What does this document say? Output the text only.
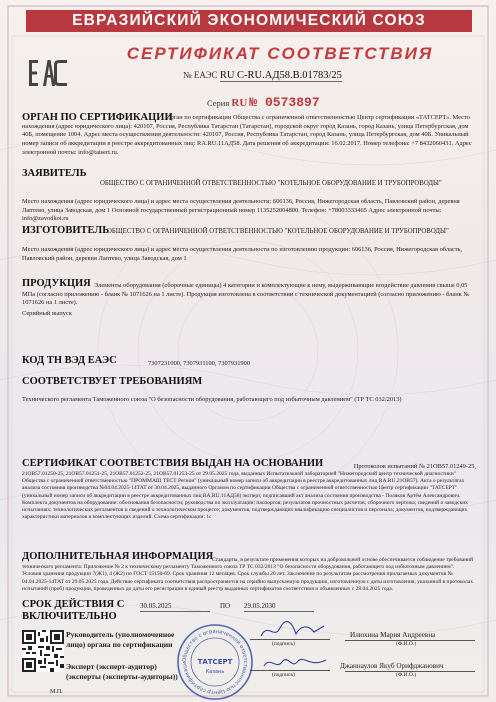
ЕВРАЗИЙСКИЙ ЭКОНОМИЧЕСКИЙ СОЮЗ
СЕРТИФИКАТ СООТВЕТСТВИЯ
№ ЕАЭС RU С-RU.АД58.В.01783/25
Серия RU № 0573897
ОРГАН ПО СЕРТИФИКАЦИИ
Орган по сертификации Общества с ограниченной ответственностью Центр сертификации «ТАТСЕРТ». Место нахождения (адрес юридического лица): 420107, Россия, Республика Татарстан (Татарстан), городской округ город Казань, город Казань, улица Петербургская, дом 40Б, помещение 1004. Адрес места осуществления деятельности: 420107, Россия, Республика Татарстан, город Казань, улица Петербургская, дом 40Б. Уникальный номер записи об аккредитации в реестре аккредитованных лиц: RA.RU.11АД58. Дата решения об аккредитации: 16.02.2017. Номер телефона: +7 8432060431. Адрес электронной почты: info@tatsert.ru.
ЗАЯВИТЕЛЬ
ОБЩЕСТВО С ОГРАНИЧЕННОЙ ОТВЕТСТВЕННОСТЬЮ "КОТЕЛЬНОЕ ОБОРУДОВАНИЕ И ТРУБОПРОВОДЫ"
Место нахождения (адрес юридического лица) и адрес места осуществления деятельности: 606136, Россия, Нижегородская область, Павловский район, деревня Лаптево, улица Заводская, дом 1 Основной государственный регистрационный номер 1135252004800. Телефон: +78003333465 Адрес электронной почты: info@zavodkot.ru
ИЗГОТОВИТЕЛЬ
ОБЩЕСТВО С ОГРАНИЧЕННОЙ ОТВЕТСТВЕННОСТЬЮ "КОТЕЛЬНОЕ ОБОРУДОВАНИЕ И ТРУБОПРОВОДЫ"
Место нахождения (адрес юридического лица) и адрес места осуществления деятельности по изготовлению продукции: 606136, Россия, Нижегородская область, Павловский район, деревня Лаптево, улица Заводская, дом 1
ПРОДУКЦИЯ Элементы оборудования (сборочные единицы) 4 категории и комплектующие к нему, выдерживающие воздействие давления свыше 0,05 МПа (согласно приложению - бланк № 1071626 на 1 листе). Продукция изготовлена в соответствии с технической документацией (согласно приложению - бланк № 1071626 на 1 листе).
Серийный выпуск
КОД ТН ВЭД ЕАЭС	7307231000, 7307931100, 7307931900
СООТВЕТСТВУЕТ ТРЕБОВАНИЯМ
Технического регламента Таможенного союза "О безопасности оборудования, работающего под избыточным давлением" (ТР ТС 032/2013)
СЕРТИФИКАТ СООТВЕТСТВИЯ ВЫДАН НА ОСНОВАНИИ	Протоколов испытаний № 21ОВ57.01249-25,
21ОВ57.01250-25, 21ОВ57.01251-25, 21ОВ57.01252-25, 21ОВ57.01253-25 от 29.05.2025 года, выданных Испытательной лабораторией "Нижегородский центр технической диагностики" Общества с ограниченной ответственностью "ПРОММАШ ТЕСТ Регион" (уникальный номер записи об аккредитации в реестре аккредитованных лиц RA.RU.21ОВ57). Акта о результатах анализа состояния производства №04.04.2025-14ТАТ от 30.04.2025, выданного Органом по сертификации Общества с ограниченной ответственностью Центр сертификации "ТАТСЕРТ" (уникальный номер записи об аккредитации в реестре аккредитованных лиц RA.RU.11АД58) эксперт, подписавший акт анализа состояния производства - Поляков Артём Александрович. Комплекта документов на оборудование: обоснования безопасности; руководства по эксплуатации; паспортов; результатов прочностных расчетов; сборочного чертежа; сведений о заводских испытаниях; технологических регламентов и сведений о технологическом процессе; документов, подтверждающих квалификацию специалистов и персонала; документов, подтверждающих характеристики материалов и комплектующих изделий. Схема сертификации: 1с
ДОПОЛНИТЕЛЬНАЯ ИНФОРМАЦИЯ
Стандарты, в результате применения которых на добровольной основе обеспечивается соблюдение требований технического регламента: Приложение № 2 к техническому регламенту Таможенного союза ТР ТС 032/2013 "О безопасности оборудования, работающего под избыточным давлением". Условия хранения продукции 7(Ж1), 4 (Ж2) по ГОСТ 15150-69. Срок хранения 12 месяцев. Срок службы 20 лет. Заключение по результатам рассмотрения прилагаемых документов № 04.04.2025-14ТАТ от 29.05.2025 года. Действие сертификата соответствия распространяется на серийно выпускаемую продукцию, изготовленную с даты изготовления, указанной в протоколах испытаний (проб) продукции, проведенных до даты его регистрации в единый реестр выданных сертификатов соответствия и объявленных с 28.04.2025 года.
СРОК ДЕЙСТВИЯ С
ВКЛЮЧИТЕЛЬНО
30.05.2025	ПО	29.05.2030
Руководитель (уполномоченное
лицо) органа по сертификации
Эксперт (эксперт-аудитор)
(эксперты (эксперты-аудиторы))
(подпись)
(подпись)
Илюхина Мария Андреевна
(Ф.И.О.)
Джаннаулов Якуб Орифджанович
(Ф.И.О.)
Общество с ограниченной ответственностью Центр сертификаци	ТАТСЕРТ
Казань
М.П.
